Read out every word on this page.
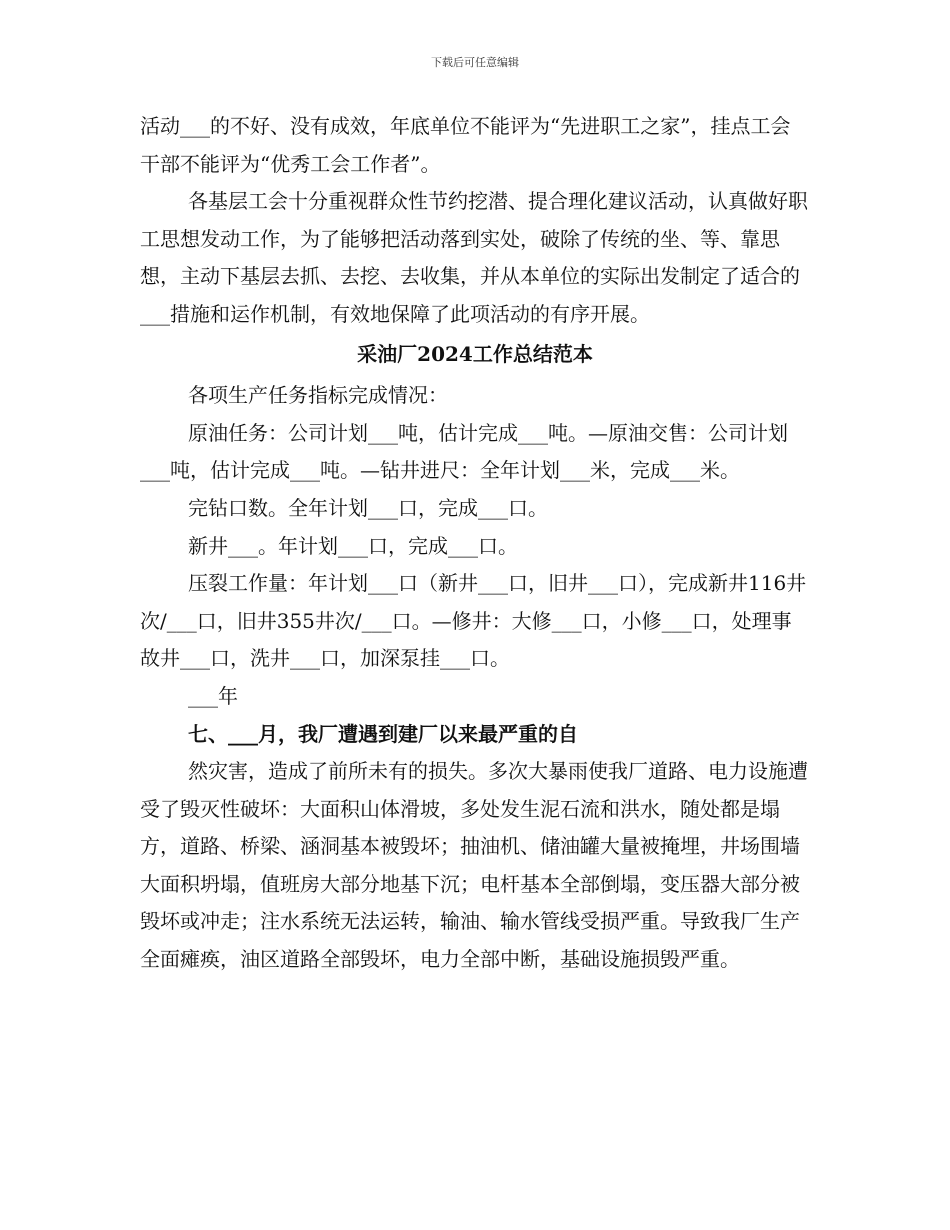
下载后可任意编辑

活动___的不好、没有成效，年底单位不能评为“先进职工之家”，挂点工会干部不能评为“优秀工会工作者”。

各基层工会十分重视群众性节约挖潜、提合理化建议活动，认真做好职工思想发动工作，为了能够把活动落到实处，破除了传统的坐、等、靠思想，主动下基层去抓、去挖、去收集，并从本单位的实际出发制定了适合的___措施和运作机制，有效地保障了此项活动的有序开展。

采油厂2024工作总结范本

各项生产任务指标完成情况：

原油任务：公司计划___吨，估计完成___吨。—原油交售：公司计划___吨，估计完成___吨。—钻井进尺：全年计划___米，完成___米。

完钻口数。全年计划___口，完成___口。

新井___。年计划___口，完成___口。

压裂工作量：年计划___口（新井___口，旧井___口），完成新井116井次/___口，旧井355井次/___口。—修井：大修___口，小修___口，处理事故井___口，洗井___口，加深泵挂___口。

___年

七、___月，我厂遭遇到建厂以来最严重的自

然灾害，造成了前所未有的损失。多次大暴雨使我厂道路、电力设施遭受了毁灭性破坏：大面积山体滑坡，多处发生泥石流和洪水，随处都是塌方，道路、桥梁、涵洞基本被毁坏；抽油机、储油罐大量被掩埋，井场围墙大面积坍塌，值班房大部分地基下沉；电杆基本全部倒塌，变压器大部分被毁坏或冲走；注水系统无法运转，输油、输水管线受损严重。导致我厂生产全面瘫痪，油区道路全部毁坏，电力全部中断，基础设施损毁严重。
